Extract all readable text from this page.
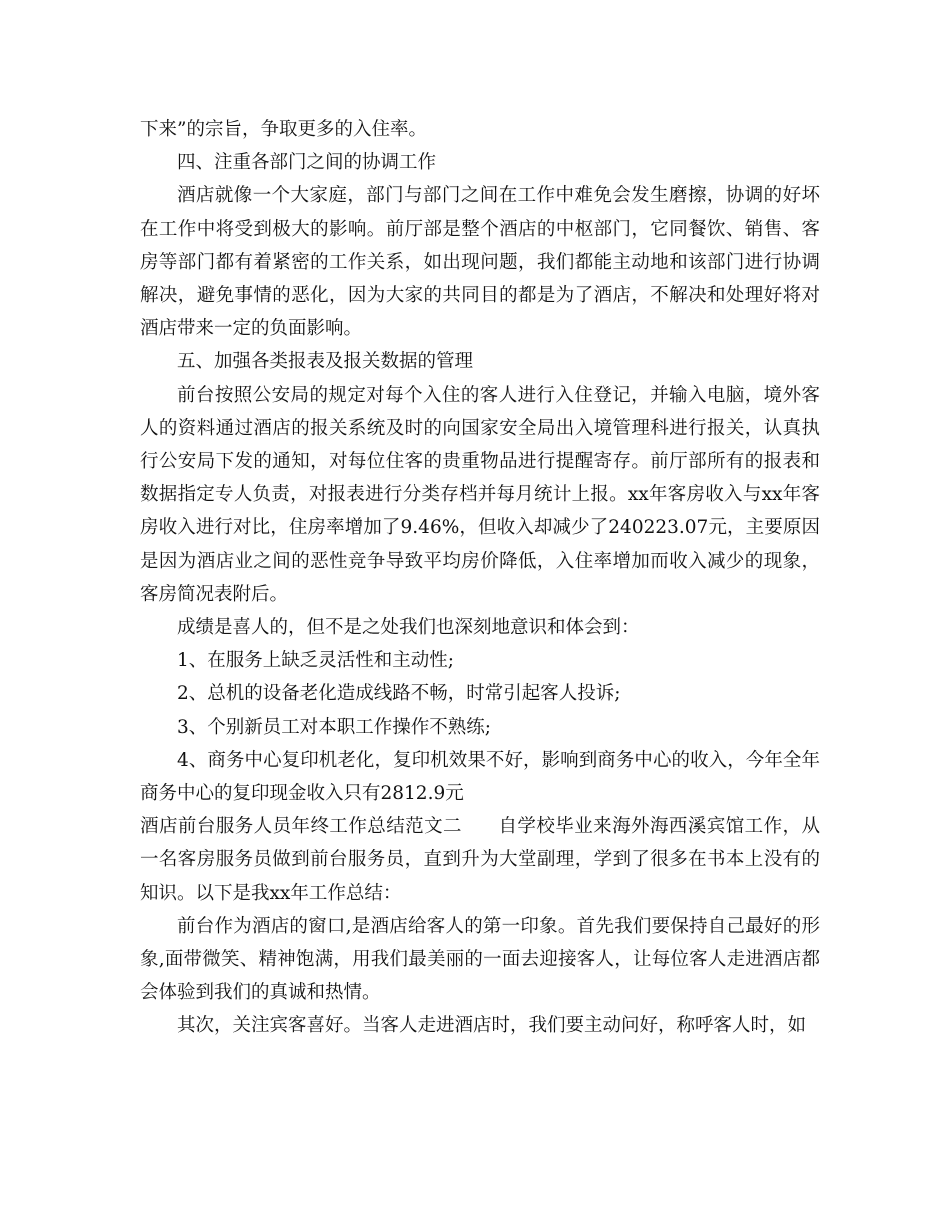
下来”的宗旨，争取更多的入住率。

四、注重各部门之间的协调工作

酒店就像一个大家庭，部门与部门之间在工作中难免会发生磨擦，协调的好坏在工作中将受到极大的影响。前厅部是整个酒店的中枢部门，它同餐饮、销售、客房等部门都有着紧密的工作关系，如出现问题，我们都能主动地和该部门进行协调解决，避免事情的恶化，因为大家的共同目的都是为了酒店，不解决和处理好将对酒店带来一定的负面影响。

五、加强各类报表及报关数据的管理

前台按照公安局的规定对每个入住的客人进行入住登记，并输入电脑，境外客人的资料通过酒店的报关系统及时的向国家安全局出入境管理科进行报关，认真执行公安局下发的通知，对每位住客的贵重物品进行提醒寄存。前厅部所有的报表和数据指定专人负责，对报表进行分类存档并每月统计上报。xx年客房收入与xx年客房收入进行对比，住房率增加了9.46%，但收入却减少了240223.07元，主要原因是因为酒店业之间的恶性竞争导致平均房价降低，入住率增加而收入减少的现象，客房简况表附后。

成绩是喜人的，但不是之处我们也深刻地意识和体会到：

1、在服务上缺乏灵活性和主动性;

2、总机的设备老化造成线路不畅，时常引起客人投诉;

3、个别新员工对本职工作操作不熟练;

4、商务中心复印机老化，复印机效果不好，影响到商务中心的收入，今年全年商务中心的复印现金收入只有2812.9元

酒店前台服务人员年终工作总结范文二 自学校毕业来海外海西溪宾馆工作，从一名客房服务员做到前台服务员，直到升为大堂副理，学到了很多在书本上没有的知识。以下是我xx年工作总结：

前台作为酒店的窗口,是酒店给客人的第一印象。首先我们要保持自己最好的形象,面带微笑、精神饱满，用我们最美丽的一面去迎接客人，让每位客人走进酒店都会体验到我们的真诚和热情。

其次，关注宾客喜好。当客人走进酒店时，我们要主动问好，称呼客人时，如
